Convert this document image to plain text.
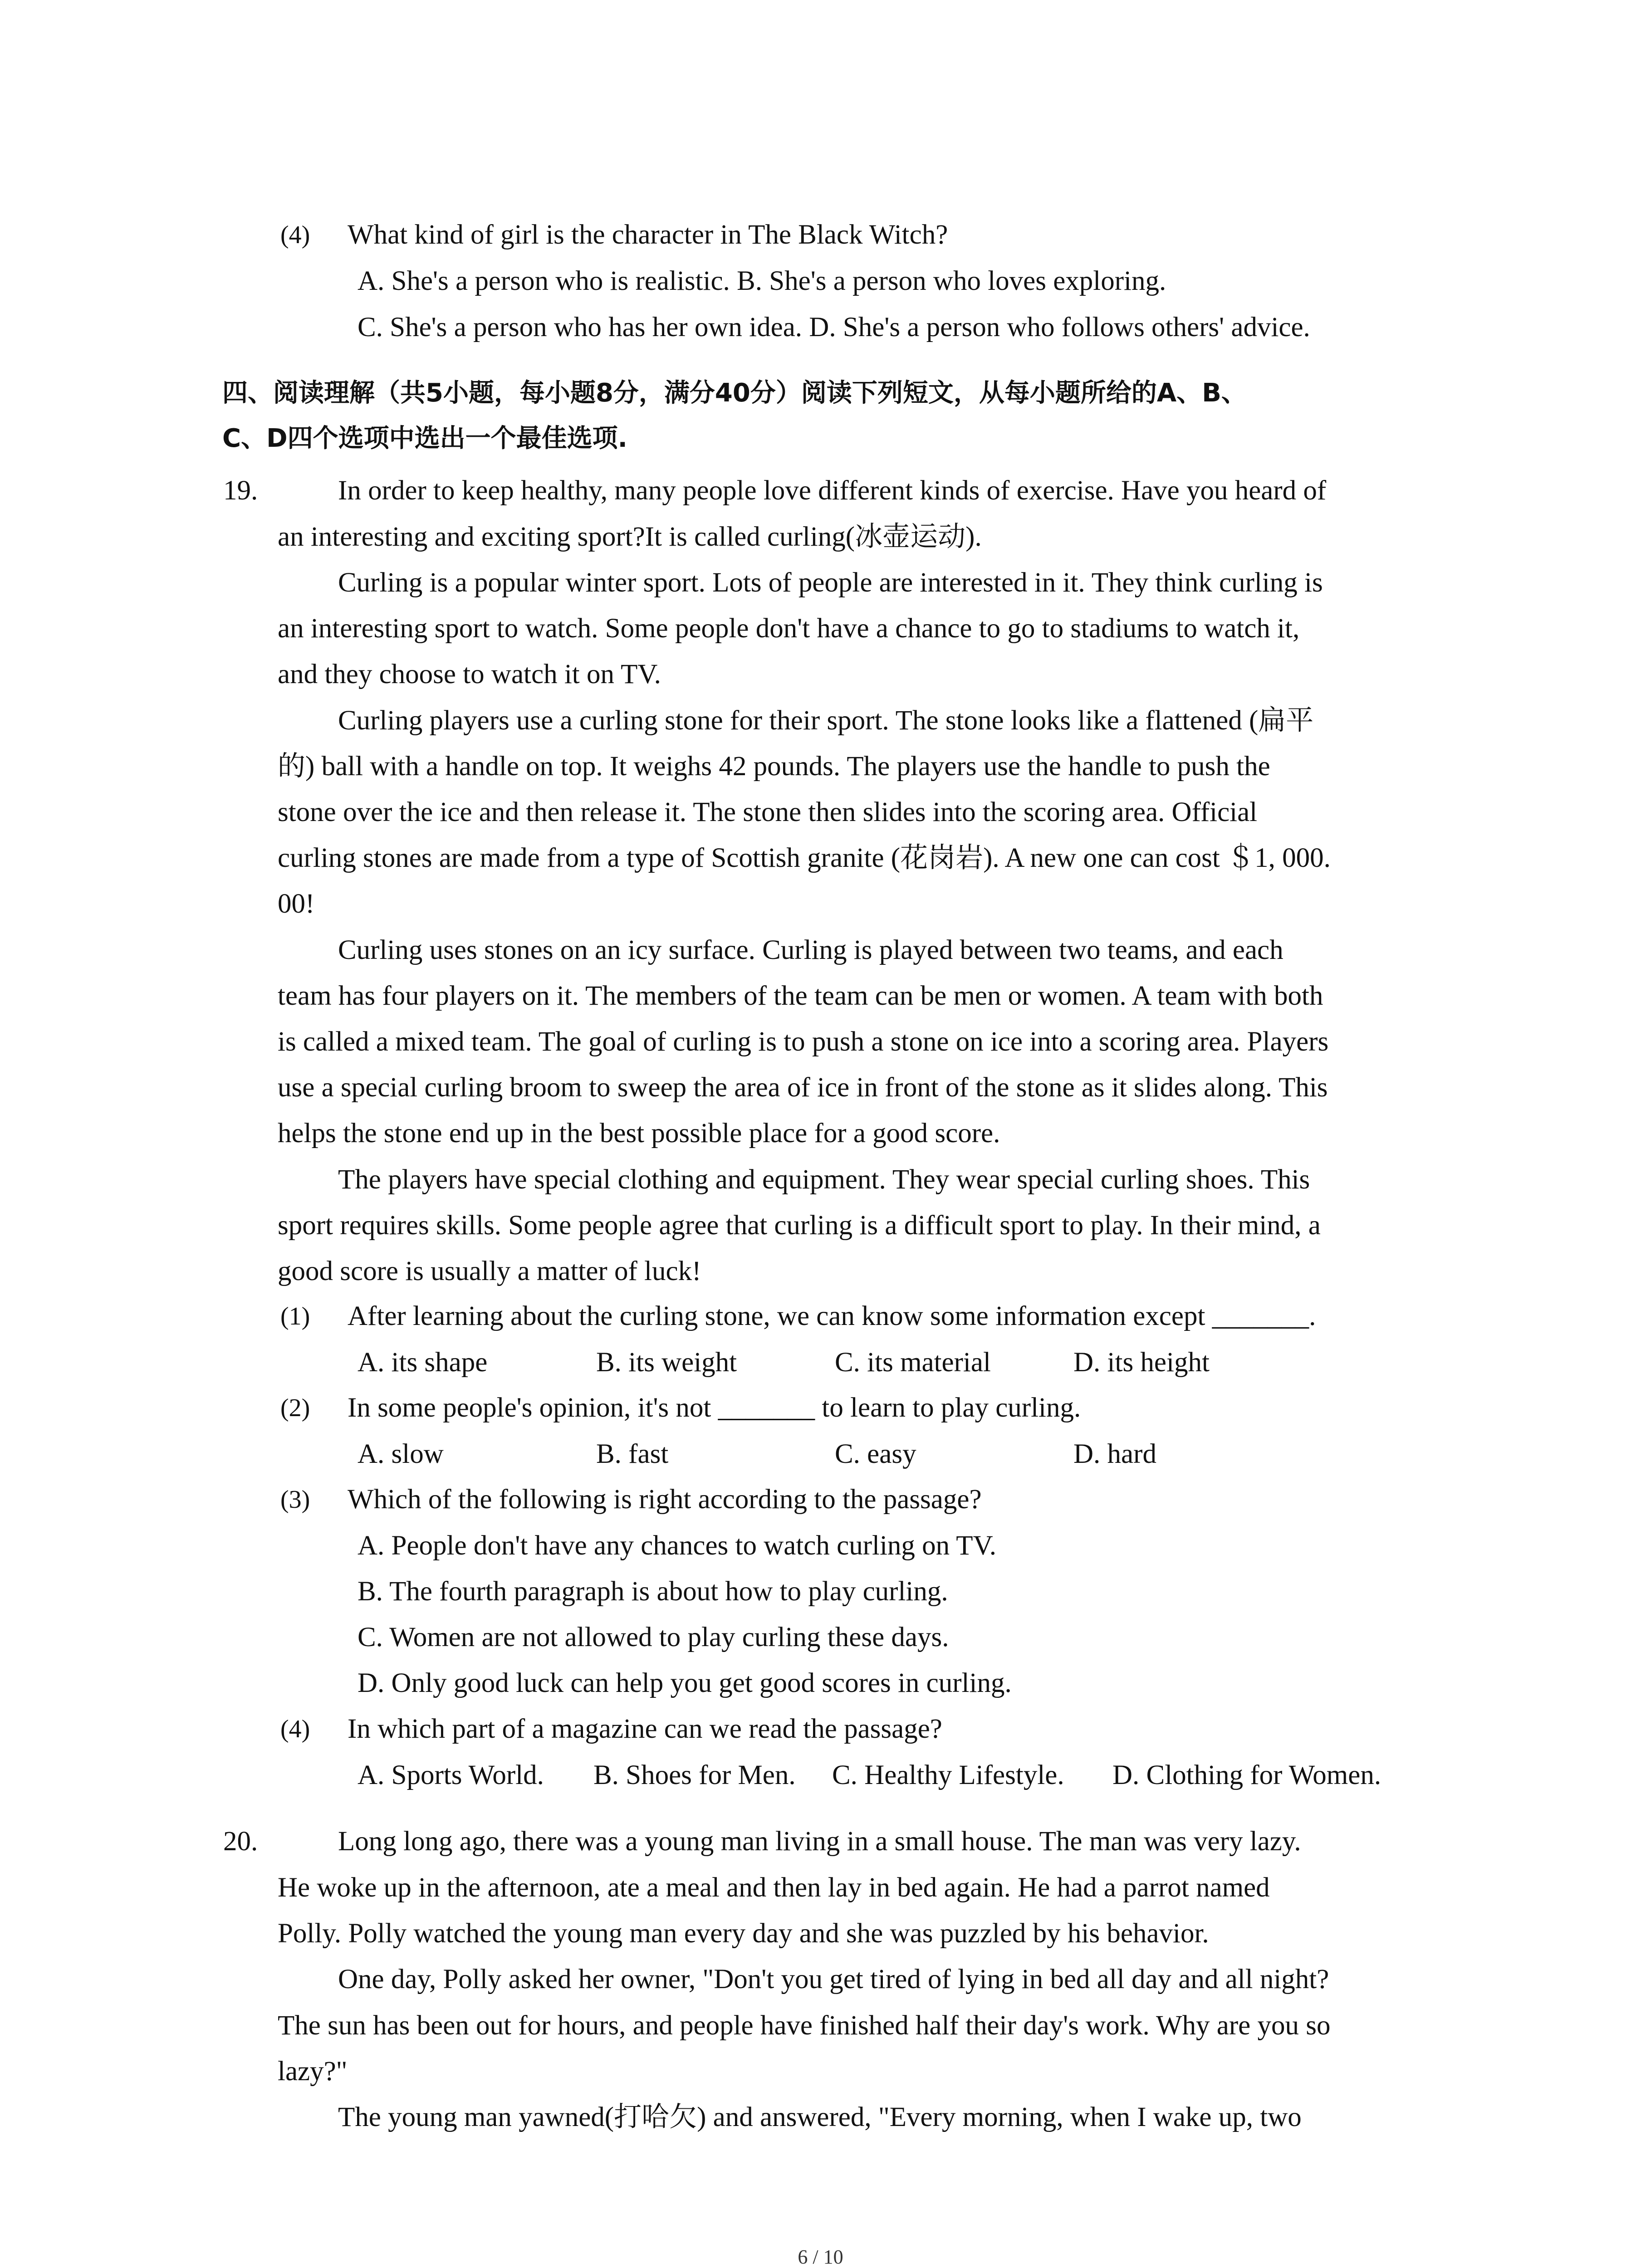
(4) What kind of girl is the character in The Black Witch?
A. She's a person who is realistic. B. She's a person who loves exploring.
C. She's a person who has her own idea. D. She's a person who follows others' advice.
四、阅读理解（共5小题，每小题8分，满分40分）阅读下列短文，从每小题所给的A、B、
C、D四个选项中选出一个最佳选项.
19.	In order to keep healthy, many people love different kinds of exercise. Have you heard of
an interesting and exciting sport?It is called curling(冰壶运动).
Curling is a popular winter sport. Lots of people are interested in it. They think curling is
an interesting sport to watch. Some people don't have a chance to go to stadiums to watch it,
and they choose to watch it on TV.
Curling players use a curling stone for their sport. The stone looks like a flattened (扁平
的) ball with a handle on top. It weighs 42 pounds. The players use the handle to push the
stone over the ice and then release it. The stone then slides into the scoring area. Official
curling stones are made from a type of Scottish granite (花岗岩). A new one can cost ＄1, 000.
00!
Curling uses stones on an icy surface. Curling is played between two teams, and each
team has four players on it. The members of the team can be men or women. A team with both
is called a mixed team. The goal of curling is to push a stone on ice into a scoring area. Players
use a special curling broom to sweep the area of ice in front of the stone as it slides along. This
helps the stone end up in the best possible place for a good score.
The players have special clothing and equipment. They wear special curling shoes. This
sport requires skills. Some people agree that curling is a difficult sport to play. In their mind, a
good score is usually a matter of luck!
(1) After learning about the curling stone, we can know some information except _______.
A. its shape	B. its weight	C. its material	D. its height
(2) In some people's opinion, it's not _______ to learn to play curling.
A. slow	B. fast	C. easy	D. hard
(3) Which of the following is right according to the passage?
A. People don't have any chances to watch curling on TV.
B. The fourth paragraph is about how to play curling.
C. Women are not allowed to play curling these days.
D. Only good luck can help you get good scores in curling.
(4) In which part of a magazine can we read the passage?
A. Sports World. B. Shoes for Men. C. Healthy Lifestyle. D. Clothing for Women.
20.	Long long ago, there was a young man living in a small house. The man was very lazy.
He woke up in the afternoon, ate a meal and then lay in bed again. He had a parrot named
Polly. Polly watched the young man every day and she was puzzled by his behavior.
One day, Polly asked her owner, "Don't you get tired of lying in bed all day and all night?
The sun has been out for hours, and people have finished half their day's work. Why are you so
lazy?"
The young man yawned(打哈欠) and answered, "Every morning, when I wake up, two
6 / 10
